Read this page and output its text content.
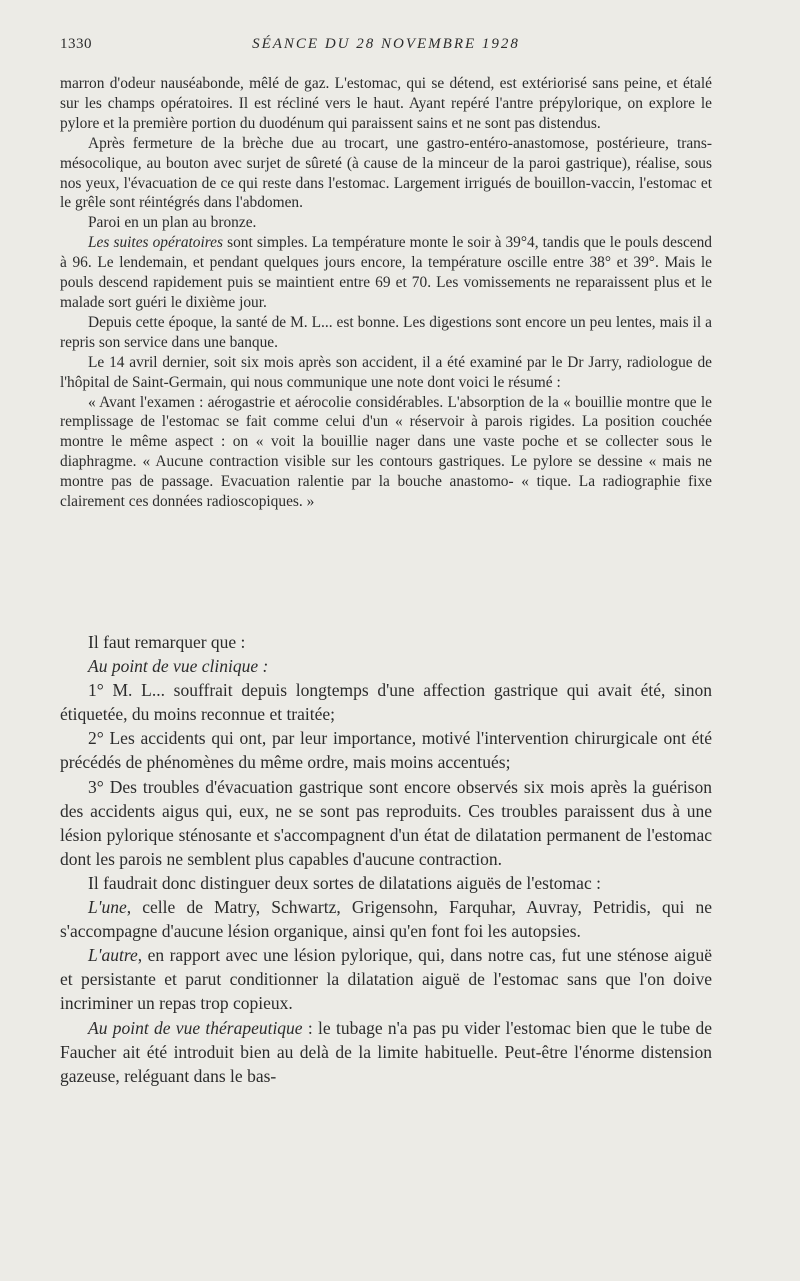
1330	SÉANCE DU 28 NOVEMBRE 1928

marron d'odeur nauséabonde, mêlé de gaz. L'estomac, qui se détend, est extériorisé sans peine, et étalé sur les champs opératoires. Il est récliné vers le haut. Ayant repéré l'antre prépylorique, on explore le pylore et la première portion du duodénum qui paraissent sains et ne sont pas distendus.

Après fermeture de la brèche due au trocart, une gastro-entéro-anastomose, postérieure, trans-mésocolique, au bouton avec surjet de sûreté (à cause de la minceur de la paroi gastrique), réalise, sous nos yeux, l'évacuation de ce qui reste dans l'estomac. Largement irrigués de bouillon-vaccin, l'estomac et le grêle sont réintégrés dans l'abdomen.

Paroi en un plan au bronze.

Les suites opératoires sont simples. La température monte le soir à 39°4, tandis que le pouls descend à 96. Le lendemain, et pendant quelques jours encore, la température oscille entre 38° et 39°. Mais le pouls descend rapidement puis se maintient entre 69 et 70. Les vomissements ne reparaissent plus et le malade sort guéri le dixième jour.

Depuis cette époque, la santé de M. L... est bonne. Les digestions sont encore un peu lentes, mais il a repris son service dans une banque.

Le 14 avril dernier, soit six mois après son accident, il a été examiné par le Dr Jarry, radiologue de l'hôpital de Saint-Germain, qui nous communique une note dont voici le résumé :

« Avant l'examen : aérogastrie et aérocolie considérables. L'absorption de la « bouillie montre que le remplissage de l'estomac se fait comme celui d'un « réservoir à parois rigides. La position couchée montre le même aspect : on « voit la bouillie nager dans une vaste poche et se collecter sous le diaphragme. « Aucune contraction visible sur les contours gastriques. Le pylore se dessine « mais ne montre pas de passage. Evacuation ralentie par la bouche anastomo- « tique. La radiographie fixe clairement ces données radioscopiques. »

Il faut remarquer que :

Au point de vue clinique :

1° M. L... souffrait depuis longtemps d'une affection gastrique qui avait été, sinon étiquetée, du moins reconnue et traitée;

2° Les accidents qui ont, par leur importance, motivé l'intervention chirurgicale ont été précédés de phénomènes du même ordre, mais moins accentués;

3° Des troubles d'évacuation gastrique sont encore observés six mois après la guérison des accidents aigus qui, eux, ne se sont pas reproduits. Ces troubles paraissent dus à une lésion pylorique sténosante et s'accompagnent d'un état de dilatation permanent de l'estomac dont les parois ne semblent plus capables d'aucune contraction.

Il faudrait donc distinguer deux sortes de dilatations aiguës de l'estomac :

L'une, celle de Matry, Schwartz, Grigensohn, Farquhar, Auvray, Petridis, qui ne s'accompagne d'aucune lésion organique, ainsi qu'en font foi les autopsies.

L'autre, en rapport avec une lésion pylorique, qui, dans notre cas, fut une sténose aiguë et persistante et parut conditionner la dilatation aiguë de l'estomac sans que l'on doive incriminer un repas trop copieux.

Au point de vue thérapeutique : le tubage n'a pas pu vider l'estomac bien que le tube de Faucher ait été introduit bien au delà de la limite habituelle. Peut-être l'énorme distension gazeuse, reléguant dans le bas-
